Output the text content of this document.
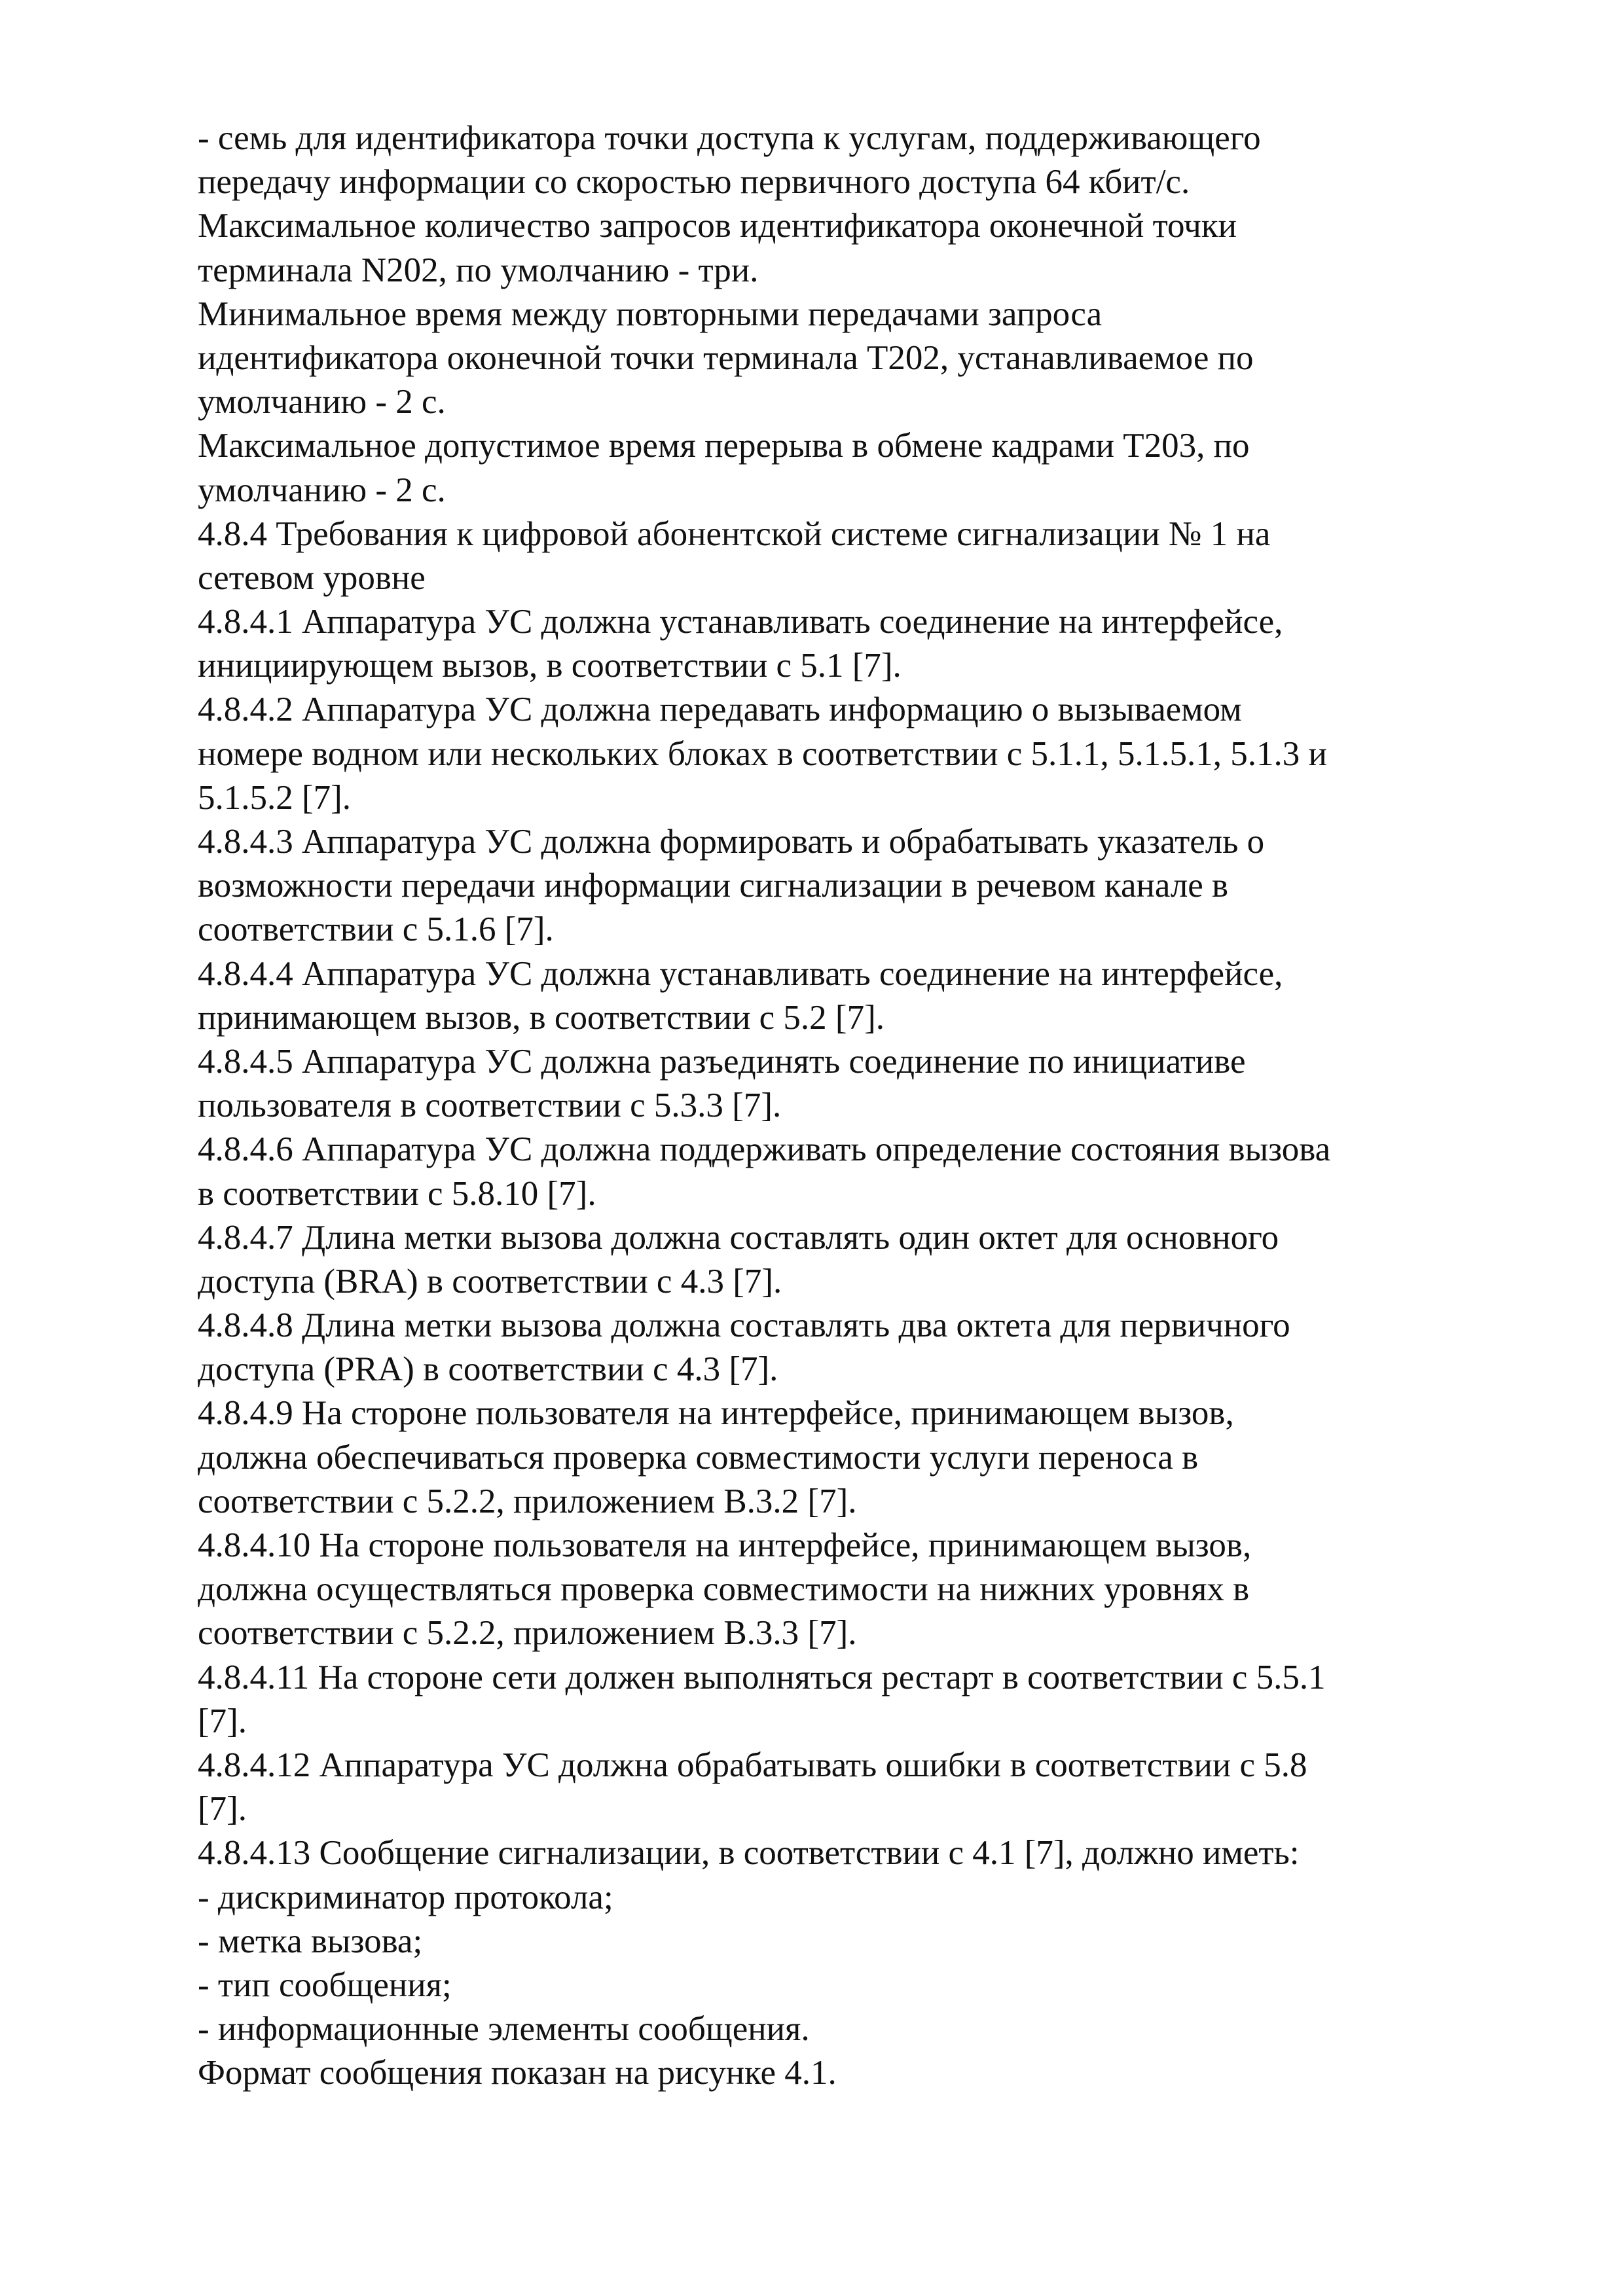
- семь для идентификатора точки доступа к услугам, поддерживающего
передачу информации со скоростью первичного доступа 64 кбит/с.
Максимальное количество запросов идентификатора оконечной точки
терминала N202, по умолчанию - три.
Минимальное время между повторными передачами запроса
идентификатора оконечной точки терминала Т202, устанавливаемое по
умолчанию - 2 с.
Максимальное допустимое время перерыва в обмене кадрами Т203, по
умолчанию - 2 с.
4.8.4 Требования к цифровой абонентской системе сигнализации № 1 на
сетевом уровне
4.8.4.1 Аппаратура УС должна устанавливать соединение на интерфейсе,
инициирующем вызов, в соответствии с 5.1 [7].
4.8.4.2 Аппаратура УС должна передавать информацию о вызываемом
номере водном или нескольких блоках в соответствии с 5.1.1, 5.1.5.1, 5.1.3 и
5.1.5.2 [7].
4.8.4.3 Аппаратура УС должна формировать и обрабатывать указатель о
возможности передачи информации сигнализации в речевом канале в
соответствии с 5.1.6 [7].
4.8.4.4 Аппаратура УС должна устанавливать соединение на интерфейсе,
принимающем вызов, в соответствии с 5.2 [7].
4.8.4.5 Аппаратура УС должна разъединять соединение по инициативе
пользователя в соответствии с 5.3.3 [7].
4.8.4.6 Аппаратура УС должна поддерживать определение состояния вызова
в соответствии с 5.8.10 [7].
4.8.4.7 Длина метки вызова должна составлять один октет для основного
доступа (BRA) в соответствии с 4.3 [7].
4.8.4.8 Длина метки вызова должна составлять два октета для первичного
доступа (PRA) в соответствии с 4.3 [7].
4.8.4.9 На стороне пользователя на интерфейсе, принимающем вызов,
должна обеспечиваться проверка совместимости услуги переноса в
соответствии с 5.2.2, приложением В.3.2 [7].
4.8.4.10 На стороне пользователя на интерфейсе, принимающем вызов,
должна осуществляться проверка совместимости на нижних уровнях в
соответствии с 5.2.2, приложением В.3.3 [7].
4.8.4.11 На стороне сети должен выполняться рестарт в соответствии с 5.5.1
[7].
4.8.4.12 Аппаратура УС должна обрабатывать ошибки в соответствии с 5.8
[7].
4.8.4.13 Сообщение сигнализации, в соответствии с 4.1 [7], должно иметь:
- дискриминатор протокола;
- метка вызова;
- тип сообщения;
- информационные элементы сообщения.
Формат сообщения показан на рисунке 4.1.
